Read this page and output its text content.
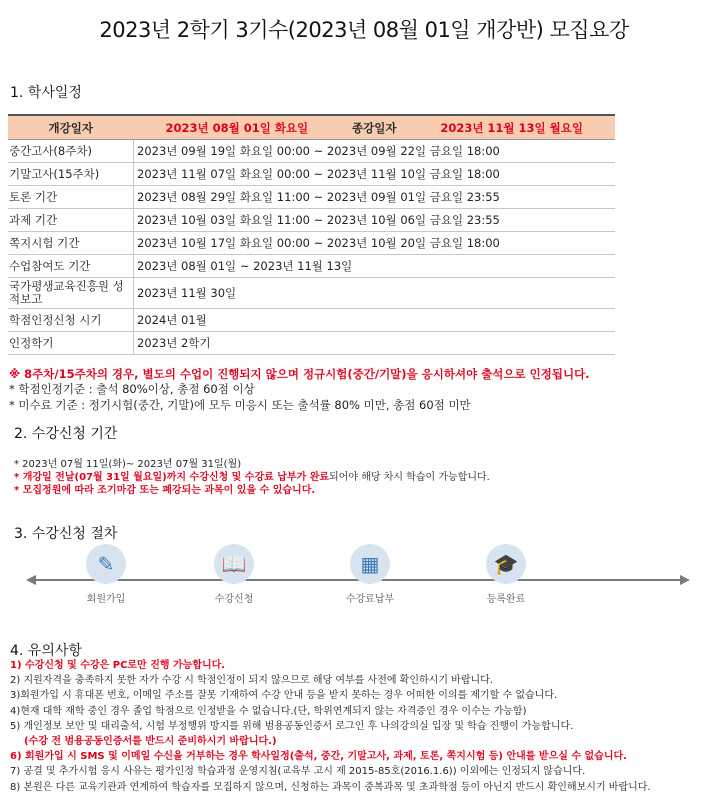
2023년 2학기 3기수(2023년 08월 01일 개강반) 모집요강
1. 학사일정
개강일자	2023년 08월 01일 화요일	종강일자	2023년 11월 13일 월요일
중간고사(8주차)	2023년 09월 19일 화요일 00:00 ~ 2023년 09월 22일 금요일 18:00		
기말고사(15주차)	2023년 11월 07일 화요일 00:00 ~ 2023년 11월 10일 금요일 18:00		
토론 기간	2023년 08월 29일 화요일 11:00 ~ 2023년 09월 01일 금요일 23:55		
과제 기간	2023년 10월 03일 화요일 11:00 ~ 2023년 10월 06일 금요일 23:55		
쪽지시험 기간	2023년 10월 17일 화요일 00:00 ~ 2023년 10월 20일 금요일 18:00		
수업참여도 기간	2023년 08월 01일 ~ 2023년 11월 13일		
국가평생교육진흥원 성적보고	2023년 11월 30일		
학점인정신청 시기	2024년 01월		
인정학기	2023년 2학기		
※ 8주차/15주차의 경우, 별도의 수업이 진행되지 않으며 정규시험(중간/기말)을 응시하셔야 출석으로 인정됩니다.
* 학점인정기준 : 출석 80%이상, 총점 60점 이상
* 미수료 기준 : 정기시험(중간, 기말)에 모두 미응시 또는 출석률 80% 미만, 총점 60점 미만
2. 수강신청 기간
* 2023년 07월 11일(화)~ 2023년 07월 31일(월)
* 개강일 전날(07월 31일 월요일)까지 수강신청 및 수강료 납부가 완료되어야 해당 차시 학습이 가능합니다.
* 모집정원에 따라 조기마감 또는 폐강되는 과목이 있을 수 있습니다.
3. 수강신청 절차
✎
회원가입
📖
수강신청
▦
수강료납부
🎓
등록완료
4. 유의사항
1) 수강신청 및 수강은 PC로만 진행 가능합니다.
2) 지원자격을 충족하지 못한 자가 수강 시 학점인정이 되지 않으므로 해당 여부를 사전에 확인하시기 바랍니다.
3)회원가입 시 휴대폰 번호, 이메일 주소를 잘못 기재하여 수강 안내 등을 받지 못하는 경우 어떠한 이의를 제기할 수 없습니다.
4)현재 대학 재학 중인 경우 졸업 학점으로 인정받을 수 없습니다.(단, 학위연계되지 않는 자격증인 경우 이수는 가능함)
5) 개인정보 보안 및 대리출석, 시험 부정행위 방지를 위해 범용공동인증서 로그인 후 나의강의실 입장 및 학습 진행이 가능합니다.
(수강 전 범용공동인증서를 반드시 준비하시기 바랍니다.)
6) 회원가입 시 SMS 및 이메일 수신을 거부하는 경우 학사일정(출석, 중간, 기말고사, 과제, 토론, 쪽지시험 등) 안내를 받으실 수 없습니다.
7) 공결 및 추가시험 응시 사유는 평가인정 학습과정 운영지침(교육부 고시 제 2015-85호(2016.1.6)) 이외에는 인정되지 않습니다.
8) 본원은 다른 교육기관과 연계하여 학습자를 모집하지 않으며, 신청하는 과목이 중복과목 및 초과학점 등이 아닌지 반드시 확인해보시기 바랍니다.
